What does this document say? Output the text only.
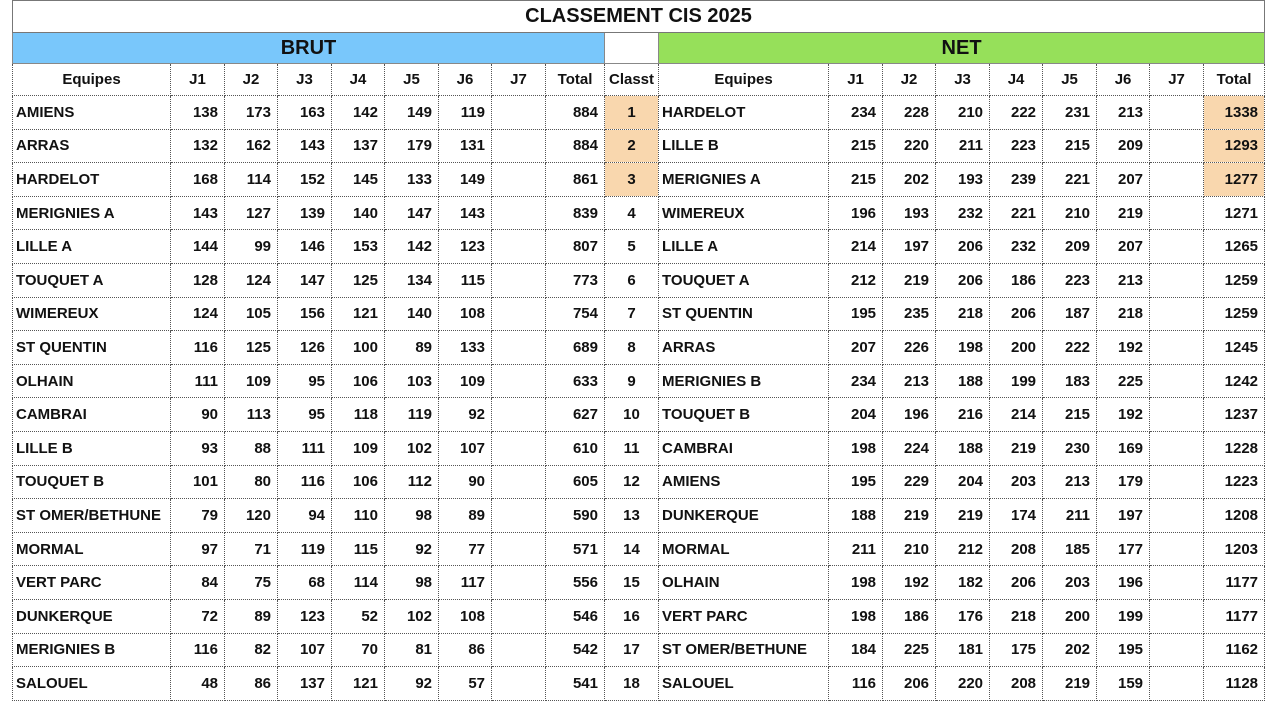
CLASSEMENT CIS 2025																		
BRUT										NET								
Equipes	J1	J2	J3	J4	J5	J6	J7	Total	Classt	Equipes	J1	J2	J3	J4	J5	J6	J7	Total
AMIENS	138	173	163	142	149	119		884	1	HARDELOT	234	228	210	222	231	213		1338
ARRAS	132	162	143	137	179	131		884	2	LILLE B	215	220	211	223	215	209		1293
HARDELOT	168	114	152	145	133	149		861	3	MERIGNIES A	215	202	193	239	221	207		1277
MERIGNIES A	143	127	139	140	147	143		839	4	WIMEREUX	196	193	232	221	210	219		1271
LILLE A	144	99	146	153	142	123		807	5	LILLE A	214	197	206	232	209	207		1265
TOUQUET A	128	124	147	125	134	115		773	6	TOUQUET A	212	219	206	186	223	213		1259
WIMEREUX	124	105	156	121	140	108		754	7	ST QUENTIN	195	235	218	206	187	218		1259
ST QUENTIN	116	125	126	100	89	133		689	8	ARRAS	207	226	198	200	222	192		1245
OLHAIN	111	109	95	106	103	109		633	9	MERIGNIES B	234	213	188	199	183	225		1242
CAMBRAI	90	113	95	118	119	92		627	10	TOUQUET B	204	196	216	214	215	192		1237
LILLE B	93	88	111	109	102	107		610	11	CAMBRAI	198	224	188	219	230	169		1228
TOUQUET B	101	80	116	106	112	90		605	12	AMIENS	195	229	204	203	213	179		1223
ST OMER/BETHUNE	79	120	94	110	98	89		590	13	DUNKERQUE	188	219	219	174	211	197		1208
MORMAL	97	71	119	115	92	77		571	14	MORMAL	211	210	212	208	185	177		1203
VERT PARC	84	75	68	114	98	117		556	15	OLHAIN	198	192	182	206	203	196		1177
DUNKERQUE	72	89	123	52	102	108		546	16	VERT PARC	198	186	176	218	200	199		1177
MERIGNIES B	116	82	107	70	81	86		542	17	ST OMER/BETHUNE	184	225	181	175	202	195		1162
SALOUEL	48	86	137	121	92	57		541	18	SALOUEL	116	206	220	208	219	159		1128
